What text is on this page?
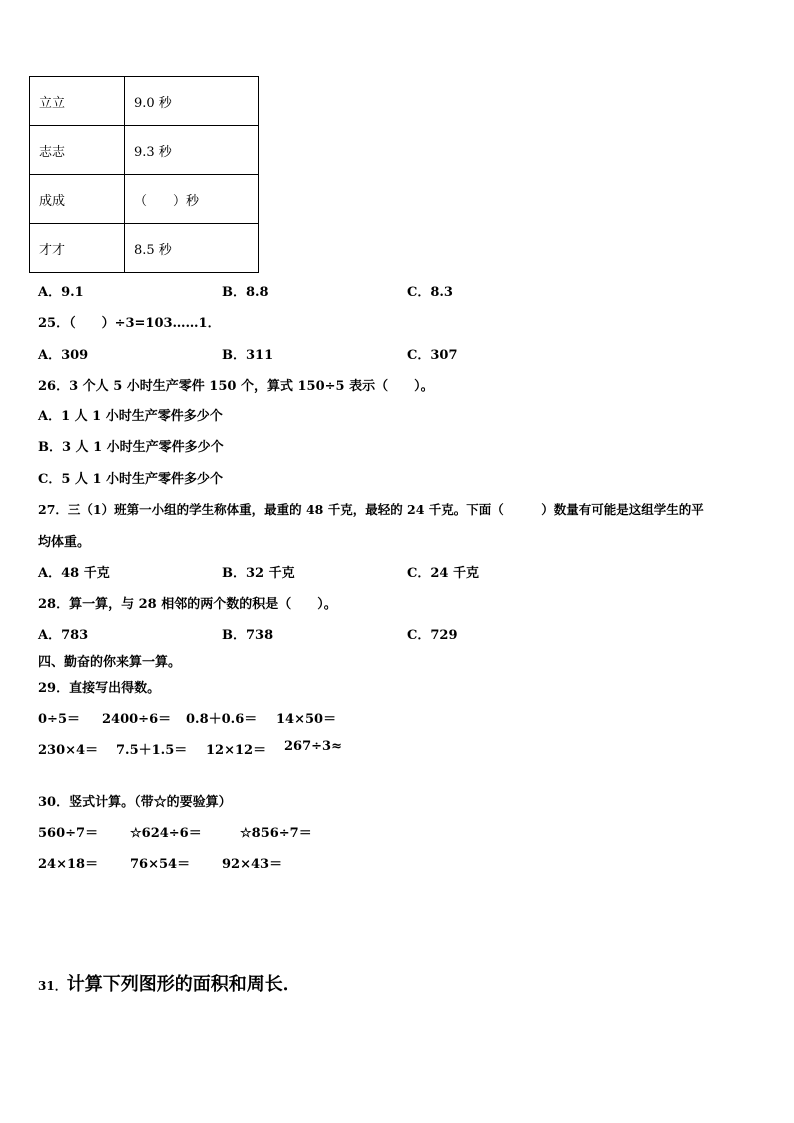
立立	9.0 秒
志志	9.3 秒
成成	（　　）秒
才才	8.5 秒
A．9.1	B．8.8	C．8.3
25．（　　）÷3=103……1．
A．309	B．311	C．307
26．3 个人 5 小时生产零件 150 个，算式 150÷5 表示（　　）。
A．1 人 1 小时生产零件多少个
B．3 人 1 小时生产零件多少个
C．5 人 1 小时生产零件多少个
27．三（1）班第一小组的学生称体重，最重的 48 千克，最轻的 24 千克。下面（　　　）数量有可能是这组学生的平
均体重。
A．48 千克	B．32 千克	C．24 千克
28．算一算，与 28 相邻的两个数的积是（　　）。
A．783	B．738	C．729
四、勤奋的你来算一算。
29．直接写出得数。
0÷5＝ 2400÷6＝ 0.8＋0.6＝ 14×50＝
230×4＝ 7.5＋1.5＝ 12×12＝ 267÷3≈
30．竖式计算。（带☆的要验算）
560÷7＝ ☆624÷6＝	☆856÷7＝
24×18＝ 76×54＝ 92×43＝
31．计算下列图形的面积和周长．
